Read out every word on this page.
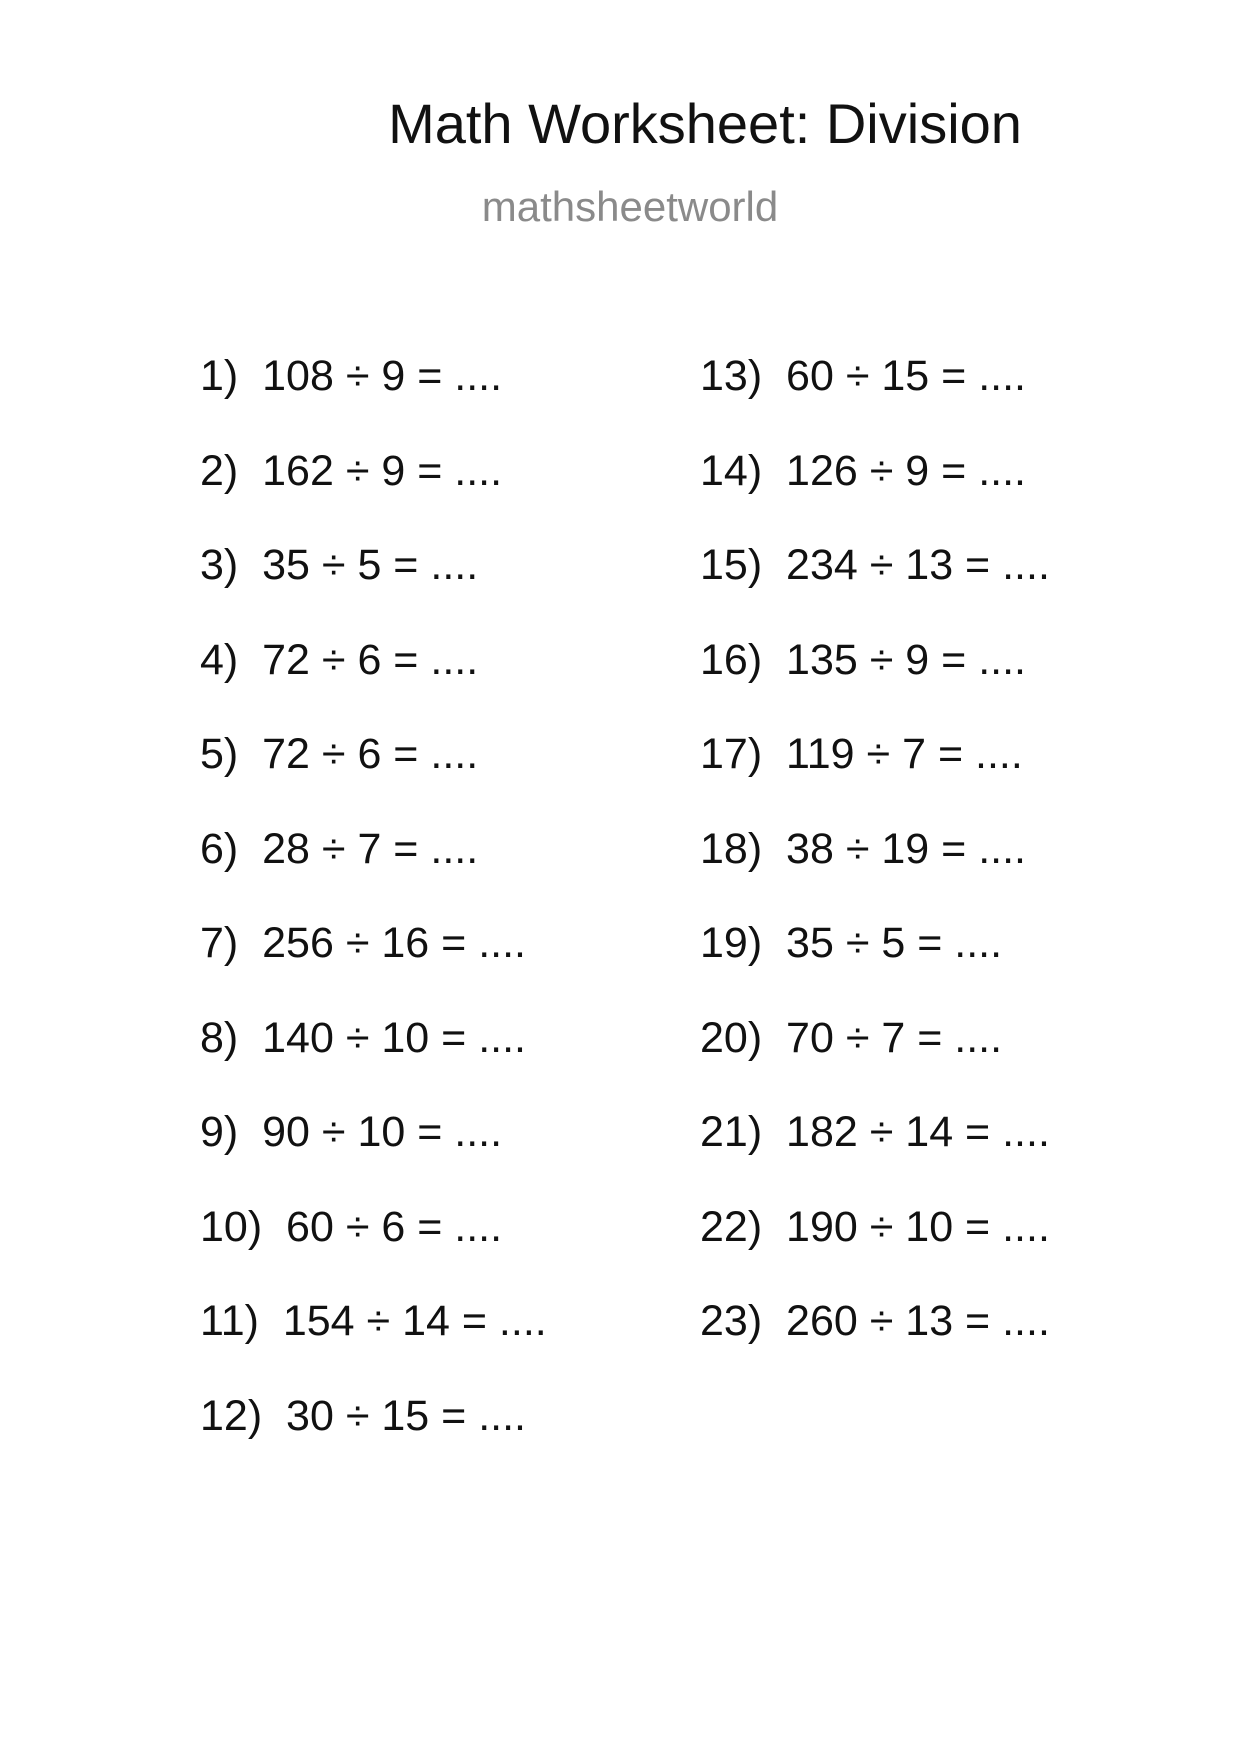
Math Worksheet: Division
mathsheetworld
1)  108 ÷ 9 = ....
2)  162 ÷ 9 = ....
3)  35 ÷ 5 = ....
4)  72 ÷ 6 = ....
5)  72 ÷ 6 = ....
6)  28 ÷ 7 = ....
7)  256 ÷ 16 = ....
8)  140 ÷ 10 = ....
9)  90 ÷ 10 = ....
10)  60 ÷ 6 = ....
11)  154 ÷ 14 = ....
12)  30 ÷ 15 = ....
13)  60 ÷ 15 = ....
14)  126 ÷ 9 = ....
15)  234 ÷ 13 = ....
16)  135 ÷ 9 = ....
17)  119 ÷ 7 = ....
18)  38 ÷ 19 = ....
19)  35 ÷ 5 = ....
20)  70 ÷ 7 = ....
21)  182 ÷ 14 = ....
22)  190 ÷ 10 = ....
23)  260 ÷ 13 = ....
